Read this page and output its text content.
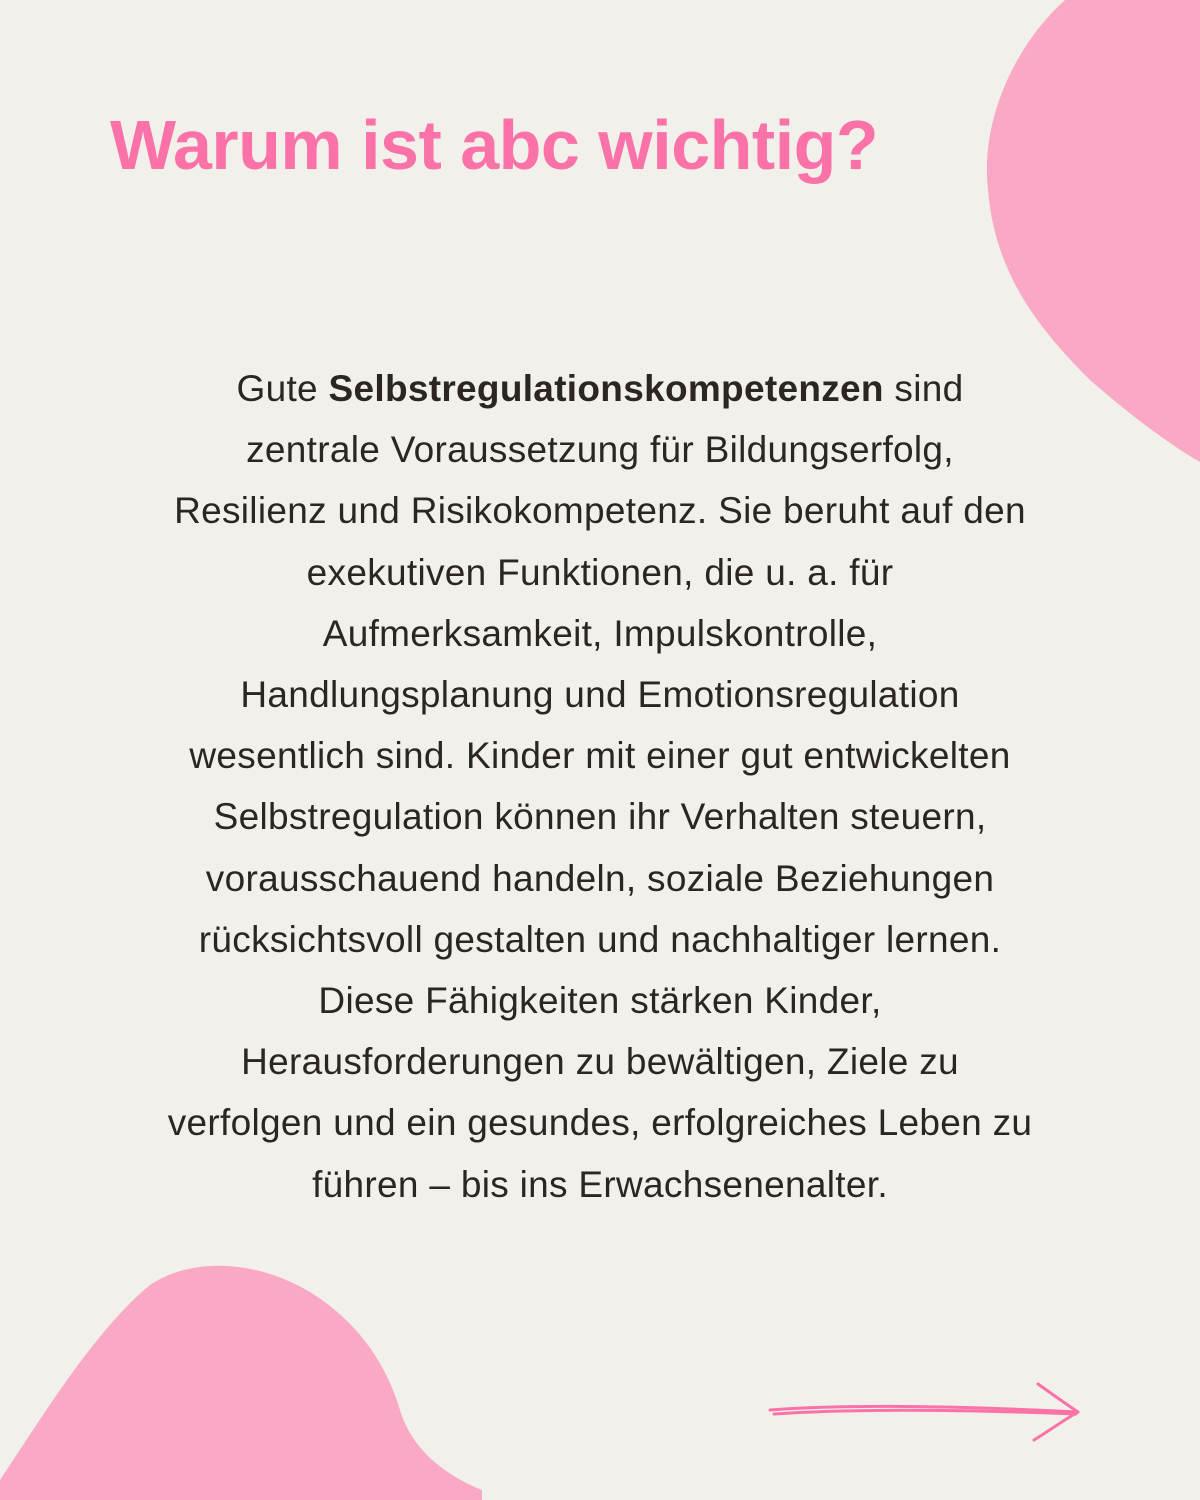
Warum ist abc wichtig?

Gute Selbstregulationskompetenzen sind
zentrale Voraussetzung für Bildungserfolg,
Resilienz und Risikokompetenz. Sie beruht auf den
exekutiven Funktionen, die u. a. für
Aufmerksamkeit, Impulskontrolle,
Handlungsplanung und Emotionsregulation
wesentlich sind. Kinder mit einer gut entwickelten
Selbstregulation können ihr Verhalten steuern,
vorausschauend handeln, soziale Beziehungen
rücksichtsvoll gestalten und nachhaltiger lernen.
Diese Fähigkeiten stärken Kinder,
Herausforderungen zu bewältigen, Ziele zu
verfolgen und ein gesundes, erfolgreiches Leben zu
führen – bis ins Erwachsenenalter.
